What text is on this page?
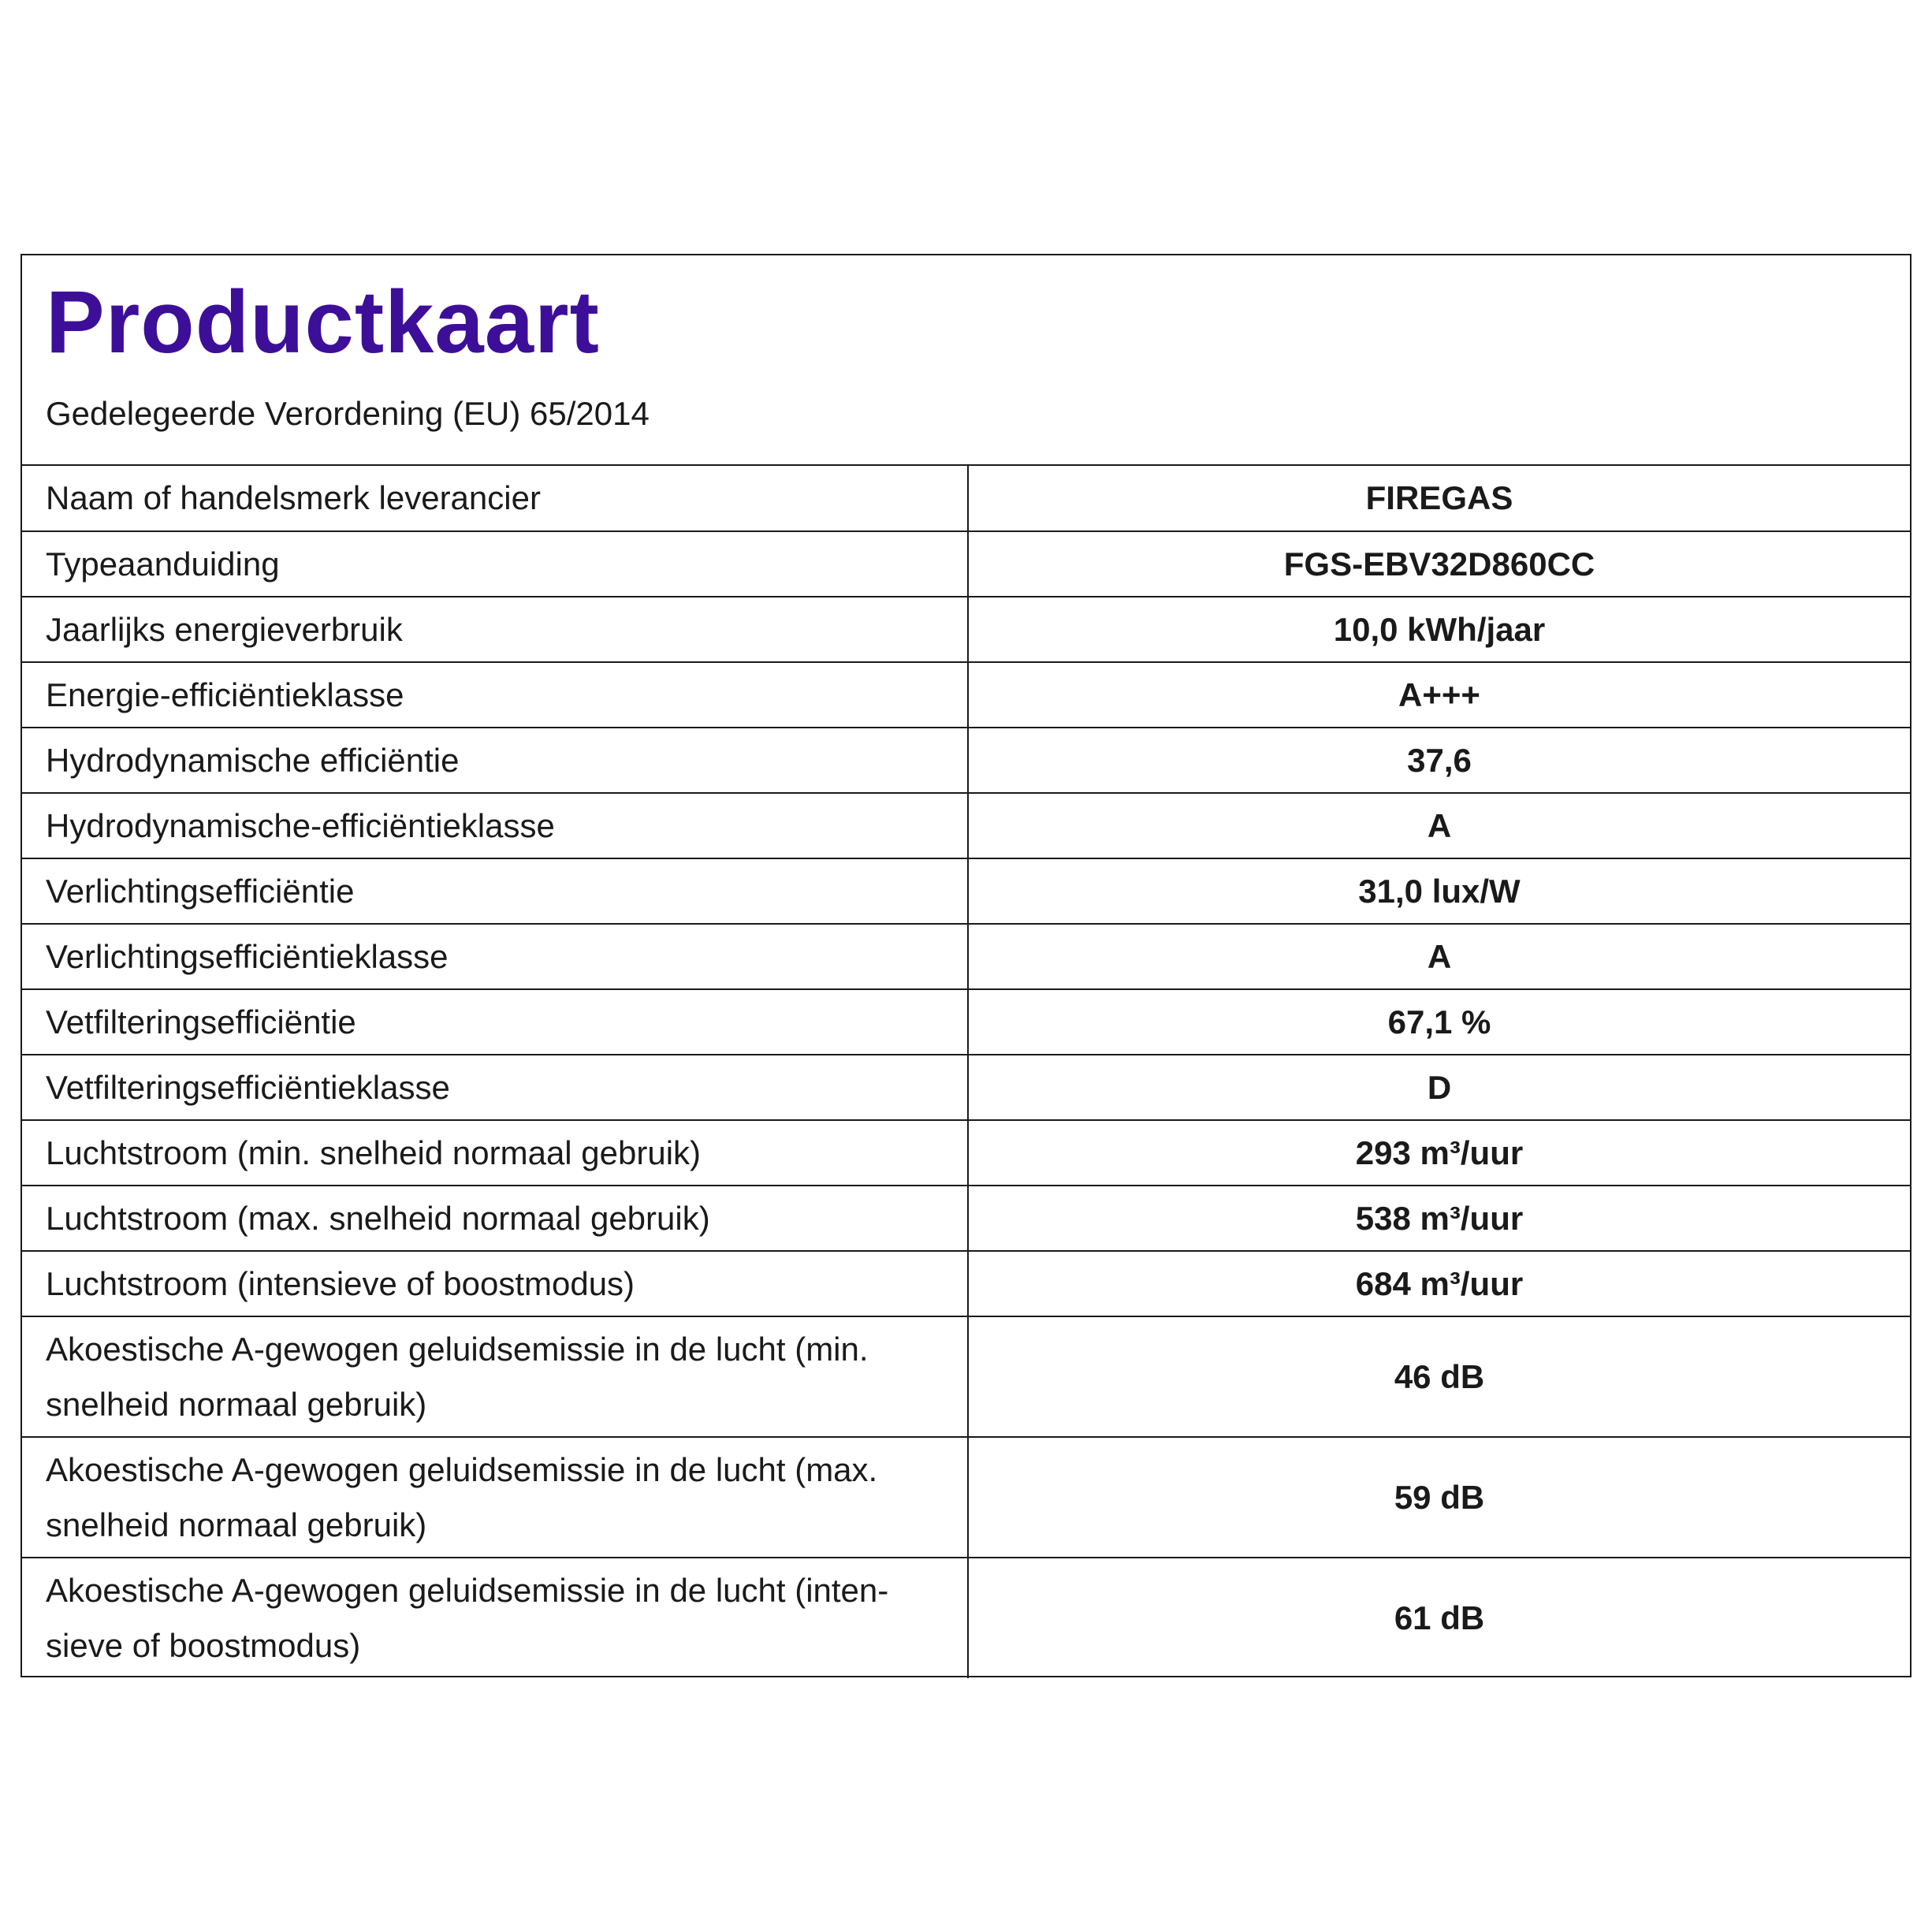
Productkaart
Gedelegeerde Verordening (EU) 65/2014
Naam of handelsmerk leverancier	FIREGAS
Typeaanduiding	FGS-EBV32D860CC
Jaarlijks energieverbruik	10,0 kWh/jaar
Energie-efficiëntieklasse	A+++
Hydrodynamische efficiëntie	37,6
Hydrodynamische-efficiëntieklasse	A
Verlichtingsefficiëntie	31,0 lux/W
Verlichtingsefficiëntieklasse	A
Vetfilteringsefficiëntie	67,1 %
Vetfilteringsefficiëntieklasse	D
Luchtstroom (min. snelheid normaal gebruik)	293 m³/uur
Luchtstroom (max. snelheid normaal gebruik)	538 m³/uur
Luchtstroom (intensieve of boostmodus)	684 m³/uur
Akoestische A-gewogen geluidsemissie in de lucht (min. snelheid normaal gebruik)	46 dB
Akoestische A-gewogen geluidsemissie in de lucht (max. snelheid normaal gebruik)	59 dB
Akoestische A-gewogen geluidsemissie in de lucht (inten-sieve of boostmodus)	61 dB
